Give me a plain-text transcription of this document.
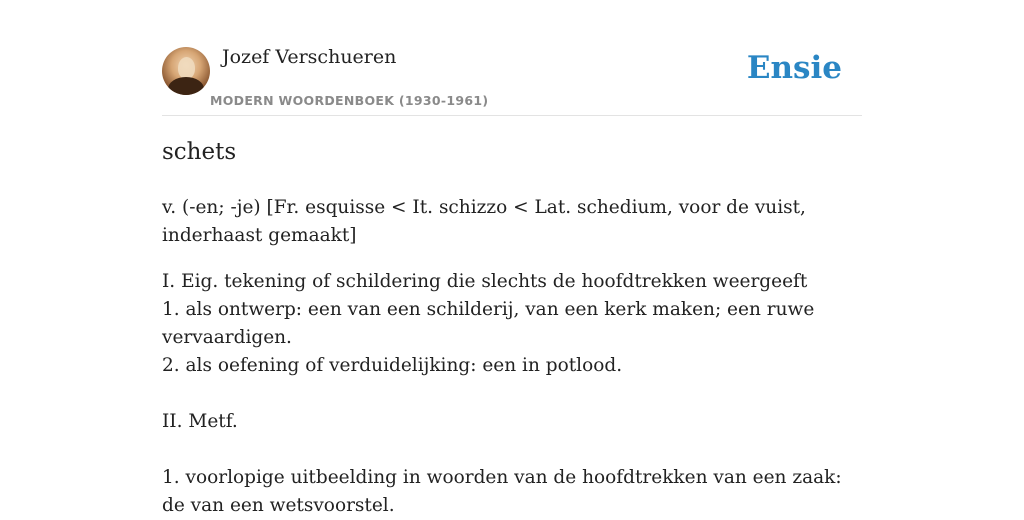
Jozef Verschueren
MODERN WOORDENBOEK (1930-1961)
Ensie
schets

v. (-en; -je) [Fr. esquisse < It. schizzo < Lat. schedium, voor de vuist, inderhaast gemaakt]

I. Eig. tekening of schildering die slechts de hoofdtrekken weergeeft

1. als ontwerp: een van een schilderij, van een kerk maken; een ruwe vervaardigen.

2. als oefening of verduidelijking: een in potlood.

II. Metf.

1. voorlopige uitbeelding in woorden van de hoofdtrekken van een zaak: de van een wetsvoorstel.
